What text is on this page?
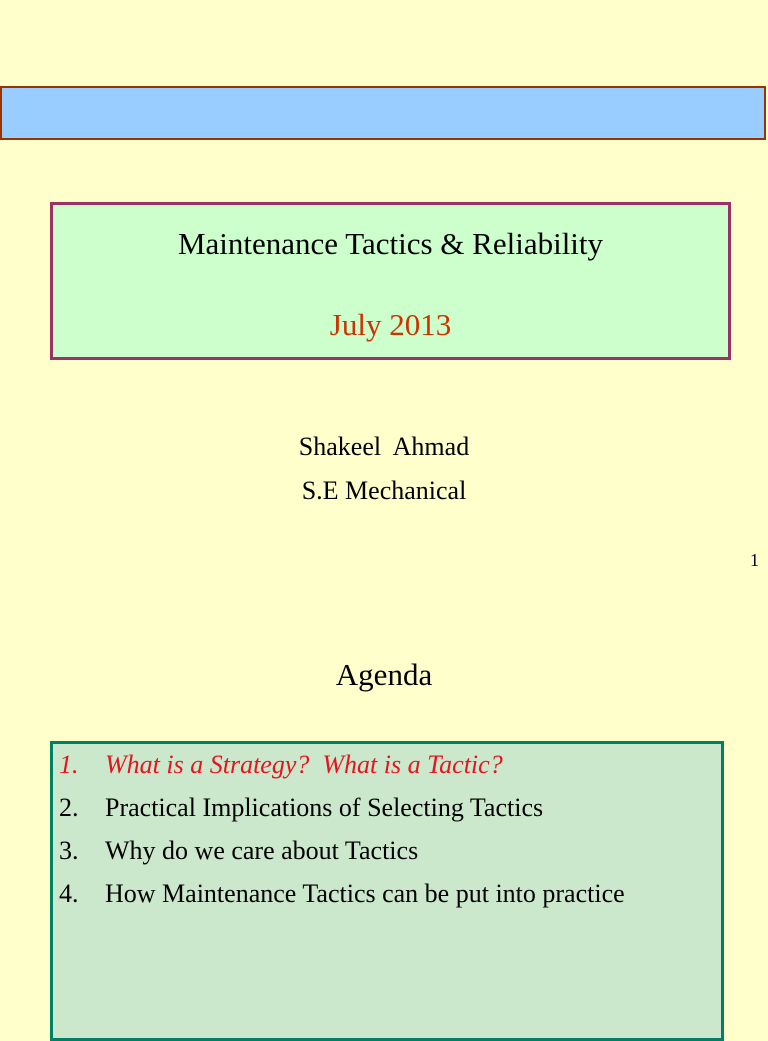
Maintenance Tactics & Reliability
July 2013
Shakeel  Ahmad
S.E Mechanical
1
Agenda
1.	What is a Strategy?  What is a Tactic?
2.	Practical Implications of Selecting Tactics
3.	Why do we care about Tactics
4.	How Maintenance Tactics can be put into practice
